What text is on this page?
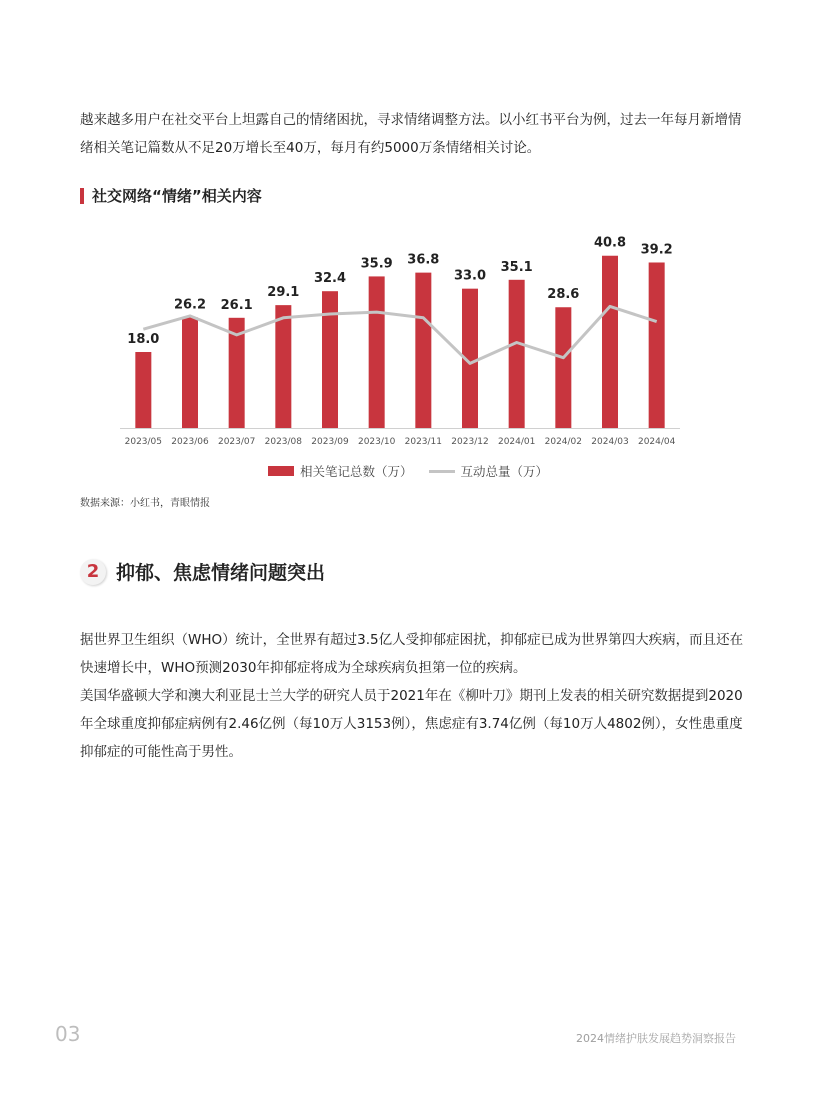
越来越多用户在社交平台上坦露自己的情绪困扰，寻求情绪调整方法。以小红书平台为例，过去一年每月新增情绪相关笔记篇数从不足20万增长至40万，每月有约5000万条情绪相关讨论。

社交网络“情绪”相关内容
18.0
2023/05
26.2
2023/06
26.1
2023/07
29.1
2023/08
32.4
2023/09
35.9
2023/10
36.8
2023/11
33.0
2023/12
35.1
2024/01
28.6
2024/02
40.8
2024/03
39.2
2024/04
相关笔记总数（万）	互动总量（万）
数据来源：小红书，青眼情报
2 抑郁、焦虑情绪问题突出

据世界卫生组织（WHO）统计，全世界有超过3.5亿人受抑郁症困扰，抑郁症已成为世界第四大疾病，而且还在快速增长中，WHO预测2030年抑郁症将成为全球疾病负担第一位的疾病。

美国华盛顿大学和澳大利亚昆士兰大学的研究人员于2021年在《柳叶刀》期刊上发表的相关研究数据提到2020年全球重度抑郁症病例有2.46亿例（每10万人3153例），焦虑症有3.74亿例（每10万人4802例），女性患重度抑郁症的可能性高于男性。

03	2024情绪护肤发展趋势洞察报告
